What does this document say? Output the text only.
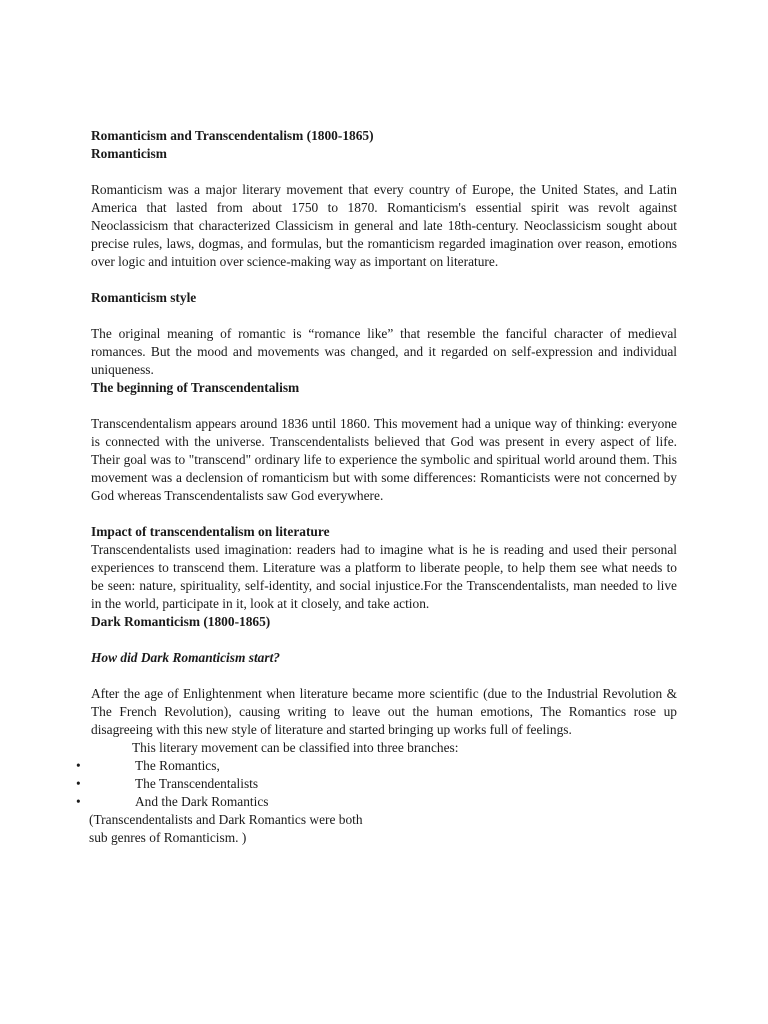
Romanticism and Transcendentalism (1800-1865)

Romanticism

Romanticism was a major literary movement that every country of Europe, the United States, and Latin America that lasted from about 1750 to 1870. Romanticism's essential spirit was revolt against Neoclassicism that characterized Classicism in general and late 18th-century. Neoclassicism sought about precise rules, laws, dogmas, and formulas, but the romanticism regarded imagination over reason, emotions over logic and intuition over science-making way as important on literature.

Romanticism style

The original meaning of romantic is “romance like” that resemble the fanciful character of medieval romances. But the mood and movements was changed, and it regarded on self-expression and individual uniqueness.

The beginning of Transcendentalism

Transcendentalism appears around 1836 until 1860. This movement had a unique way of thinking: everyone is connected with the universe. Transcendentalists believed that God was present in every aspect of life. Their goal was to "transcend" ordinary life to experience the symbolic and spiritual world around them. This movement was a declension of romanticism but with some differences: Romanticists were not concerned by God whereas Transcendentalists saw God everywhere.

Impact of transcendentalism on literature

Transcendentalists used imagination: readers had to imagine what is he is reading and used their personal experiences to transcend them. Literature was a platform to liberate people, to help them see what needs to be seen: nature, spirituality, self-identity, and social injustice.For the Transcendentalists, man needed to live in the world, participate in it, look at it closely, and take action.

Dark Romanticism (1800-1865)

How did Dark Romanticism start?

After the age of Enlightenment when literature became more scientific (due to the Industrial Revolution & The French Revolution), causing writing to leave out the human emotions, The Romantics rose up disagreeing with this new style of literature and started bringing up works full of feelings.

This literary movement can be classified into three branches:

•	The Romantics,
•	The Transcendentalists
•	And the Dark Romantics

(Transcendentalists and Dark Romantics were both

sub genres of Romanticism. )
